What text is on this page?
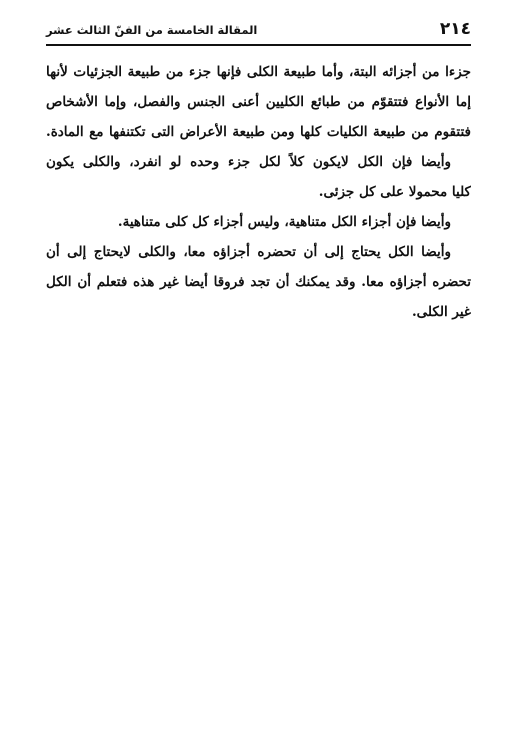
٢١٤
المقالة الخامسة من الفنّ الثالث عشر
جزءا من أجزائه البتة، وأما طبيعة الكلى فإنها جزء من طبيعة الجزئيات لأنها
إما الأنواع فتتقوّم من طبائع الكليين أعنى الجنس والفصل، وإما الأشخاص
فتتقوم من طبيعة الكليات كلها ومن طبيعة الأعراض التى تكتنفها مع المادة.
وأيضا فإن الكل لايكون كلاً لكل جزء وحده لو انفرد، والكلى يكون
كليا محمولا على كل جزئى.
وأيضا فإن أجزاء الكل متناهية، وليس أجزاء كل كلى متناهية.
وأيضا الكل يحتاج إلى أن تحضره أجزاؤه معا، والكلى لايحتاج إلى أن
تحضره أجزاؤه معا. وقد يمكنك أن تجد فروقا أيضا غير هذه فتعلم أن الكل
غير الكلى.
